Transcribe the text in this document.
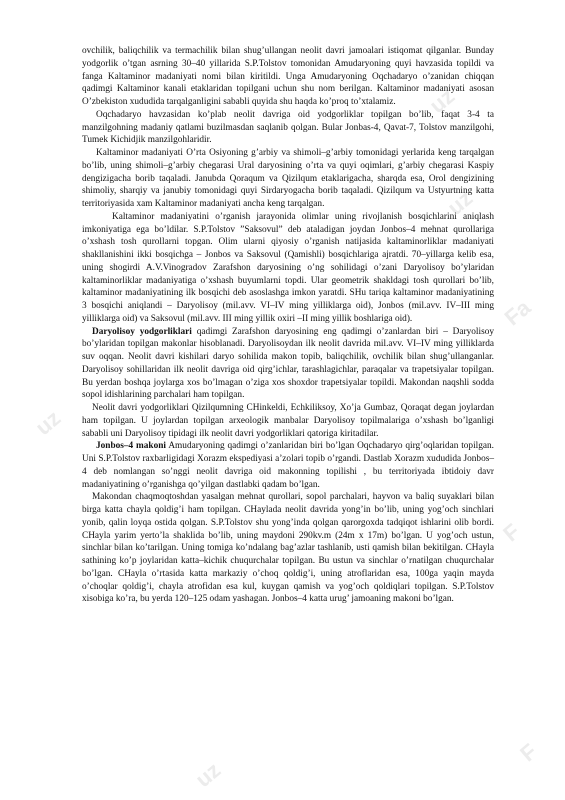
uz
uz
Fa
uz
F
uz
F

ovchilik, baliqchilik va termachilik bilan shug’ullangan neolit davri jamoalari istiqomat qilganlar. Bunday yodgorlik o’tgan asrning 30–40 yillarida S.P.Tolstov tomonidan Amudaryoning quyi havzasida topildi va fanga Kaltaminor madaniyati nomi bilan kiritildi. Unga Amudaryoning Oqchadaryo o’zanidan chiqqan qadimgi Kaltaminor kanali etaklaridan topilgani uchun shu nom berilgan. Kaltaminor madaniyati asosan O’zbekiston xududida tarqalganligini sababli quyida shu haqda ko’proq to’xtalamiz.

Oqchadaryo havzasidan ko’plab neolit davriga oid yodgorliklar topilgan bo’lib, faqat 3-4 ta manzilgohning madaniy qatlami buzilmasdan saqlanib qolgan. Bular Jonbas-4, Qavat-7, Tolstov manzilgohi, Tumek Kichidjik manzilgohlaridir.

Kaltaminor madaniyati O’rta Osiyoning g’arbiy va shimoli–g’arbiy tomonidagi yerlarida keng tarqalgan bo’lib, uning shimoli–g’arbiy chegarasi Ural daryosining o’rta va quyi oqimlari, g’arbiy chegarasi Kaspiy dengizigacha borib taqaladi. Janubda Qoraqum va Qizilqum etaklarigacha, sharqda esa, Orol dengizining shimoliy, sharqiy va janubiy tomonidagi quyi Sirdaryogacha borib taqaladi. Qizilqum va Ustyurtning katta territoriyasida xam Kaltaminor madaniyati ancha keng tarqalgan.

Kaltaminor madaniyatini o’rganish jarayonida olimlar uning rivojlanish bosqichlarini aniqlash imkoniyatiga ega bo’ldilar. S.P.Tolstov ”Saksovul” deb ataladigan joydan Jonbos–4 mehnat qurollariga o’xshash tosh qurollarni topgan. Olim ularni qiyosiy o’rganish natijasida kaltaminorliklar madaniyati shakllanishini ikki bosqichga – Jonbos va Saksovul (Qamishli) bosqichlariga ajratdi. 70–yillarga kelib esa, uning shogirdi A.V.Vinogradov Zarafshon daryosining o’ng sohilidagi o’zani Daryolisoy bo’ylaridan kaltaminorliklar madaniyatiga o’xshash buyumlarni topdi. Ular geometrik shakldagi tosh qurollari bo’lib, kaltaminor madaniyatining ilk bosqichi deb asoslashga imkon yaratdi. SHu tariqa kaltaminor madaniyatining 3 bosqichi aniqlandi – Daryolisoy (mil.avv. VI–IV ming yilliklarga oid), Jonbos (mil.avv. IV–III ming yilliklarga oid) va Saksovul (mil.avv. III ming yillik oxiri –II ming yillik boshlariga oid).

Daryolisoy yodgorliklari qadimgi Zarafshon daryosining eng qadimgi o’zanlardan biri – Daryolisoy bo’ylaridan topilgan makonlar hisoblanadi. Daryolisoydan ilk neolit davrida mil.avv. VI–IV ming yilliklarda suv oqqan. Neolit davri kishilari daryo sohilida makon topib, baliqchilik, ovchilik bilan shug’ullanganlar. Daryolisoy sohillaridan ilk neolit davriga oid qirg’ichlar, tarashlagichlar, paraqalar va trapetsiyalar topilgan. Bu yerdan boshqa joylarga xos bo’lmagan o’ziga xos shoxdor trapetsiyalar topildi. Makondan naqshli sodda sopol idishlarining parchalari ham topilgan.

Neolit davri yodgorliklari Qizilqumning CHinkeldi, Echkiliksoy, Xo’ja Gumbaz, Qoraqat degan joylardan ham topilgan. U joylardan topilgan arxeologik manbalar Daryolisoy topilmalariga o’xshash bo’lganligi sababli uni Daryolisoy tipidagi ilk neolit davri yodgorliklari qatoriga kiritadilar.

Jonbos–4 makoni Amudaryoning qadimgi o’zanlaridan biri bo’lgan Oqchadaryo qirg’oqlaridan topilgan. Uni S.P.Tolstov raxbarligidagi Xorazm ekspediyasi a’zolari topib o’rgandi. Dastlab Xorazm xududida Jonbos–4 deb nomlangan so’nggi neolit davriga oid makonning topilishi , bu territoriyada ibtidoiy davr madaniyatining o’rganishga qo’yilgan dastlabki qadam bo’lgan.

Makondan chaqmoqtoshdan yasalgan mehnat qurollari, sopol parchalari, hayvon va baliq suyaklari bilan birga katta chayla qoldig’i ham topilgan. CHaylada neolit davrida yong’in bo’lib, uning yog’och sinchlari yonib, qalin loyqa ostida qolgan. S.P.Tolstov shu yong’inda qolgan qarorgoxda tadqiqot ishlarini olib bordi. CHayla yarim yerto’la shaklida bo’lib, uning maydoni 290kv.m (24m x 17m) bo’lgan. U yog’och ustun, sinchlar bilan ko’tarilgan. Uning tomiga ko’ndalang bag’azlar tashlanib, usti qamish bilan bekitilgan. CHayla sathining ko’p joylaridan katta–kichik chuqurchalar topilgan. Bu ustun va sinchlar o’rnatilgan chuqurchalar bo’lgan. CHayla o’rtasida katta markaziy o’choq qoldig’i, uning atroflaridan esa, 100ga yaqin mayda o’choqlar qoldig’i, chayla atrofidan esa kul, kuygan qamish va yog’och qoldiqlari topilgan. S.P.Tolstov xisobiga ko’ra, bu yerda 120–125 odam yashagan. Jonbos–4 katta urug’ jamoaning makoni bo’lgan.
